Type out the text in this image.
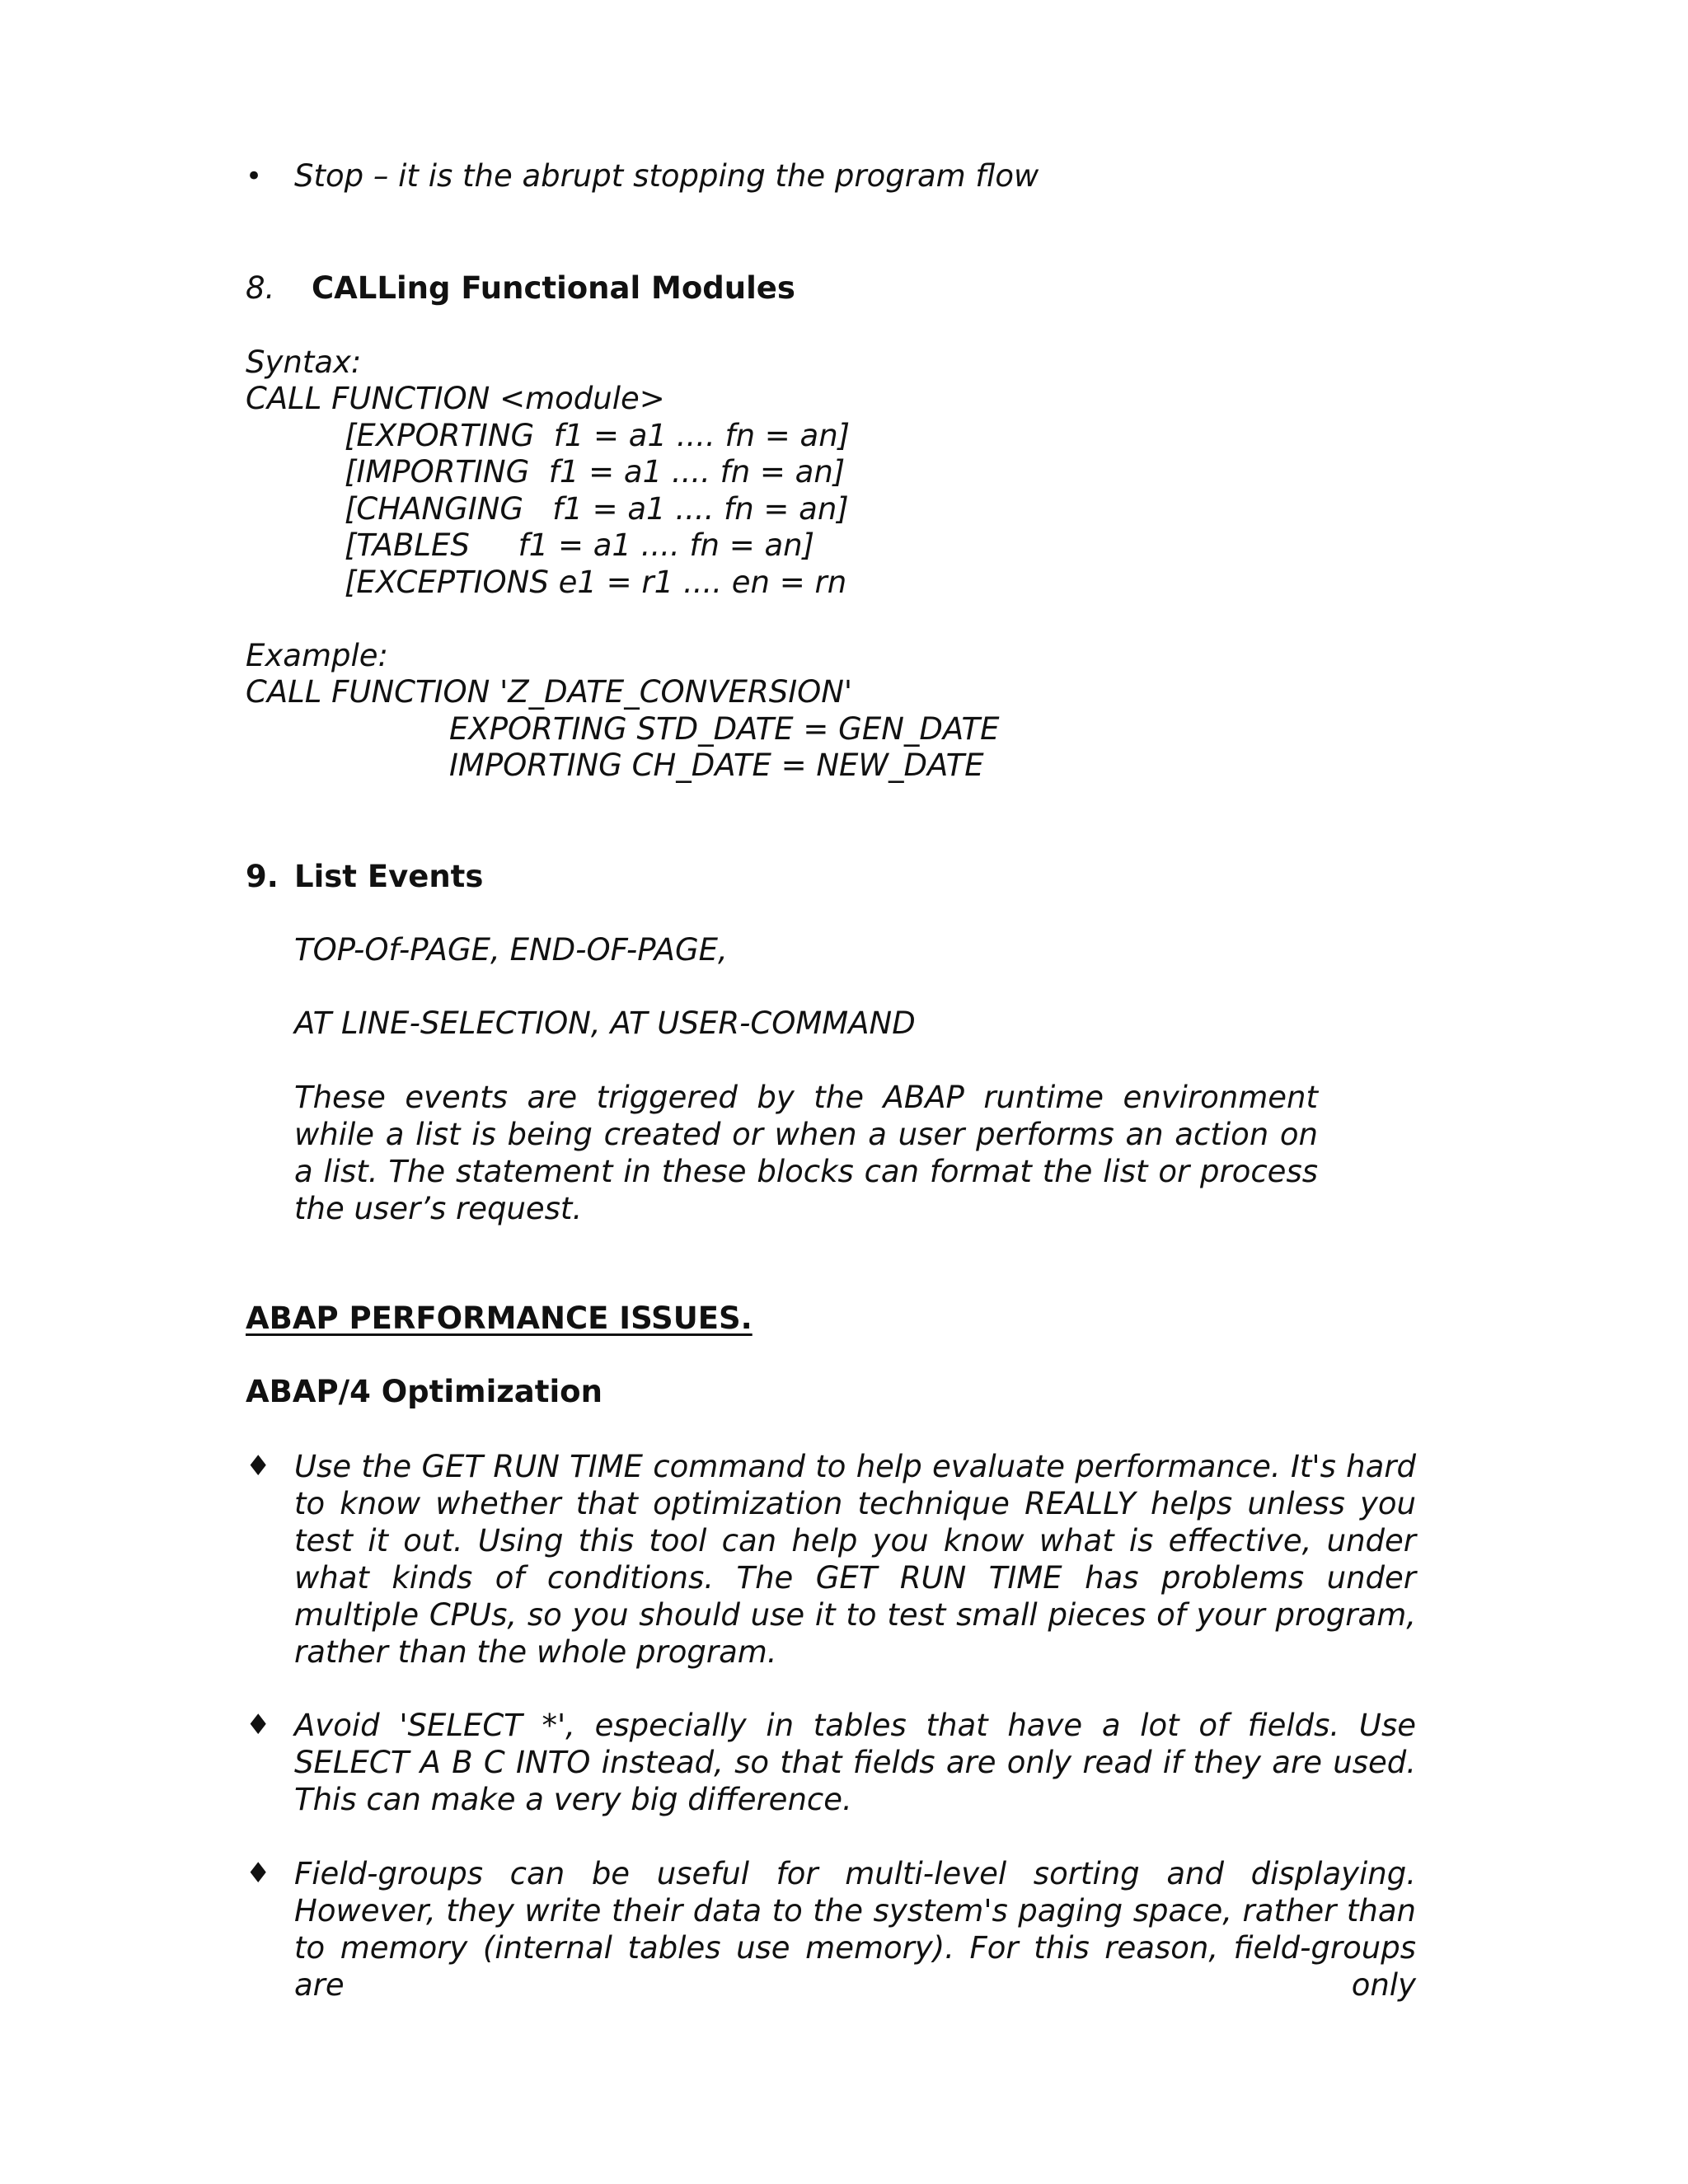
• Stop – it is the abrupt stopping the program flow

8. CALLing Functional Modules

Syntax:

CALL FUNCTION <module>

[EXPORTING  f1 = a1 .... fn = an]

[IMPORTING  f1 = a1 .... fn = an]

[CHANGING   f1 = a1 .... fn = an]

[TABLES     f1 = a1 .... fn = an]

[EXCEPTIONS e1 = r1 .... en = rn

Example:

CALL FUNCTION 'Z_DATE_CONVERSION'

EXPORTING STD_DATE = GEN_DATE

IMPORTING CH_DATE = NEW_DATE

9. List Events

TOP-Of-PAGE, END-OF-PAGE,

AT LINE-SELECTION, AT USER-COMMAND

These events are triggered by the ABAP runtime environment while a list is being created or when a user performs an action on a list. The statement in these blocks can format the list or process the user’s request.

ABAP PERFORMANCE ISSUES.

ABAP/4 Optimization

♦ Use the GET RUN TIME command to help evaluate performance. It's hard to know whether that optimization technique REALLY helps unless you test it out. Using this tool can help you know what is effective, under what kinds of conditions. The GET RUN TIME has problems under multiple CPUs, so you should use it to test small pieces of your program, rather than the whole program.

♦ Avoid 'SELECT *', especially in tables that have a lot of fields. Use SELECT A B C INTO instead, so that fields are only read if they are used. This can make a very big difference.

♦ Field-groups can be useful for multi-level sorting and displaying. However, they write their data to the system's paging space, rather than to memory (internal tables use memory). For this reason, field-groups are only
